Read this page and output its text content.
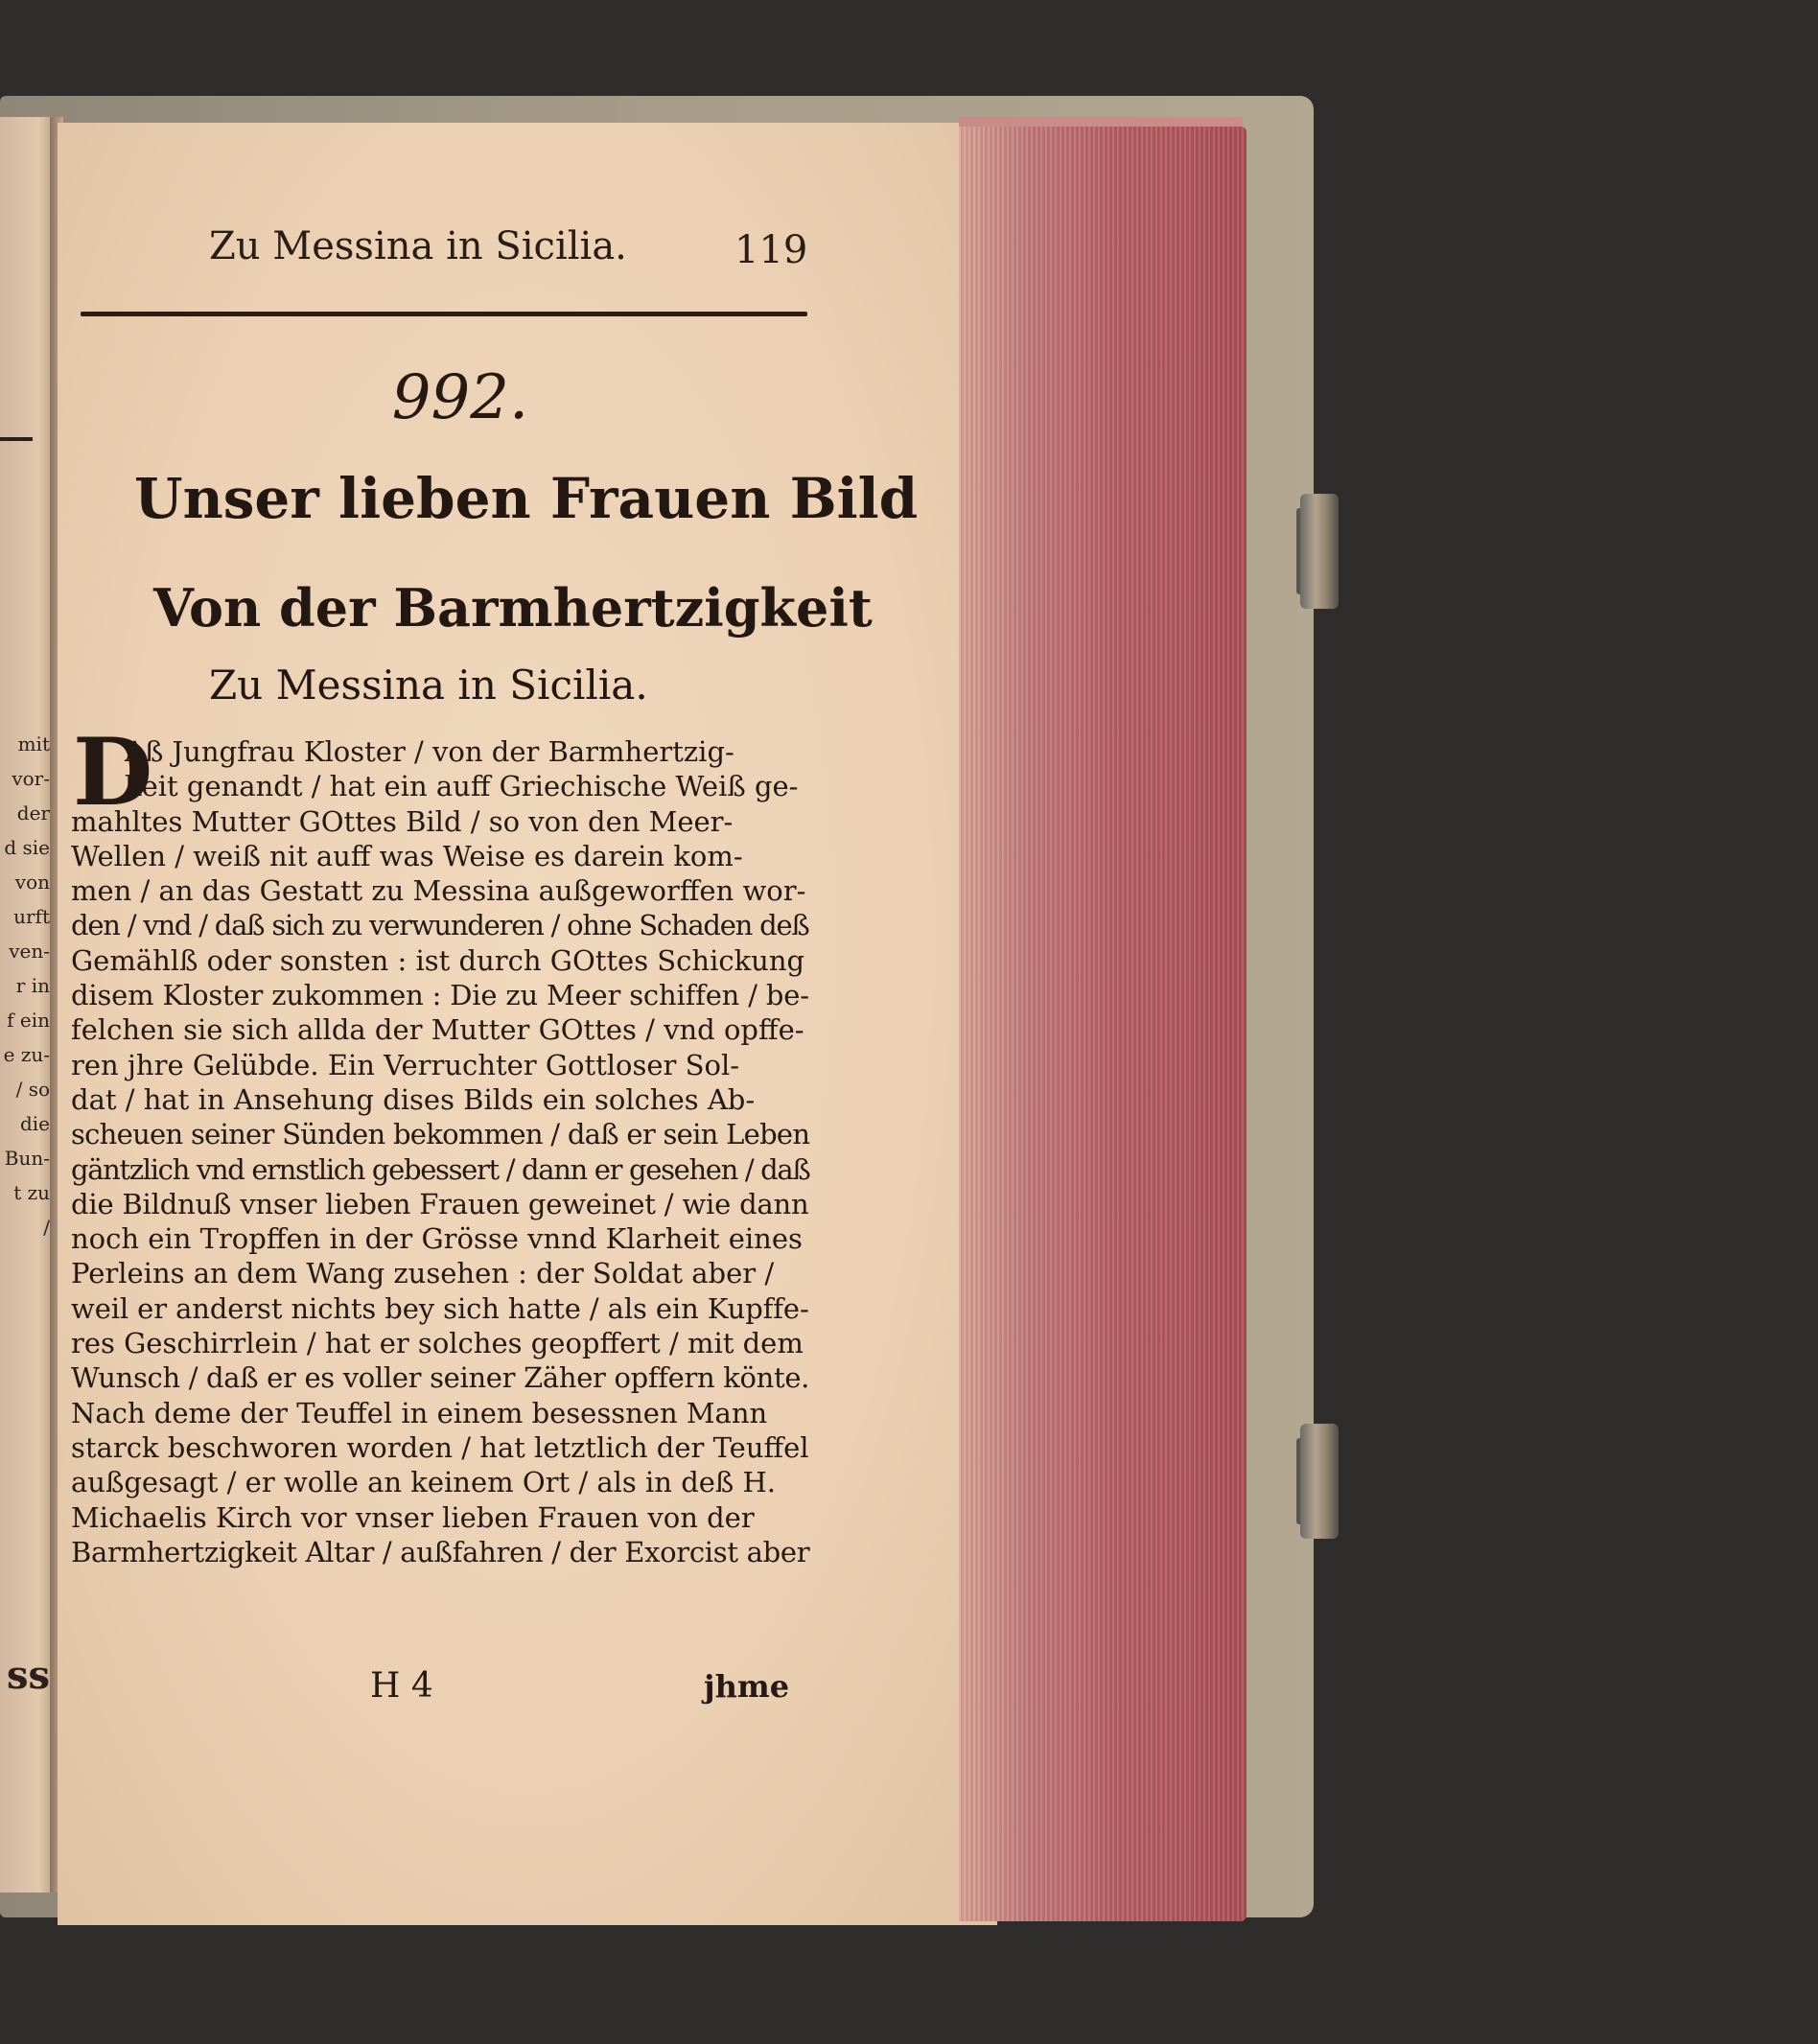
mit
vor-
der
d sie
von
urft
ven-
r in
f ein
e zu-
/ so
die
Bun-
t zu
/
ss
Zu Messina in Sicilia.	119
992.
Unser lieben Frauen Bild
Von der Barmhertzigkeit
Zu Messina in Sicilia.
D
Aß Jungfrau Kloster / von der Barmhertzig-
keit genandt / hat ein auff Griechische Weiß ge-
mahltes Mutter GOttes Bild / so von den Meer-
Wellen / weiß nit auff was Weise es darein kom-
men / an das Gestatt zu Messina außgeworffen wor-
den / vnd / daß sich zu verwunderen / ohne Schaden deß
Gemählß oder sonsten : ist durch GOttes Schickung
disem Kloster zukommen : Die zu Meer schiffen / be-
felchen sie sich allda der Mutter GOttes / vnd opffe-
ren jhre Gelübde. Ein Verruchter Gottloser Sol-
dat / hat in Ansehung dises Bilds ein solches Ab-
scheuen seiner Sünden bekommen / daß er sein Leben
gäntzlich vnd ernstlich gebessert / dann er gesehen / daß
die Bildnuß vnser lieben Frauen geweinet / wie dann
noch ein Tropffen in der Grösse vnnd Klarheit eines
Perleins an dem Wang zusehen : der Soldat aber /
weil er anderst nichts bey sich hatte / als ein Kupffe-
res Geschirrlein / hat er solches geopffert / mit dem
Wunsch / daß er es voller seiner Zäher opffern könte.
Nach deme der Teuffel in einem besessnen Mann
starck beschworen worden / hat letztlich der Teuffel
außgesagt / er wolle an keinem Ort / als in deß H.
Michaelis Kirch vor vnser lieben Frauen von der
Barmhertzigkeit Altar / außfahren / der Exorcist aber
H 4	jhme
